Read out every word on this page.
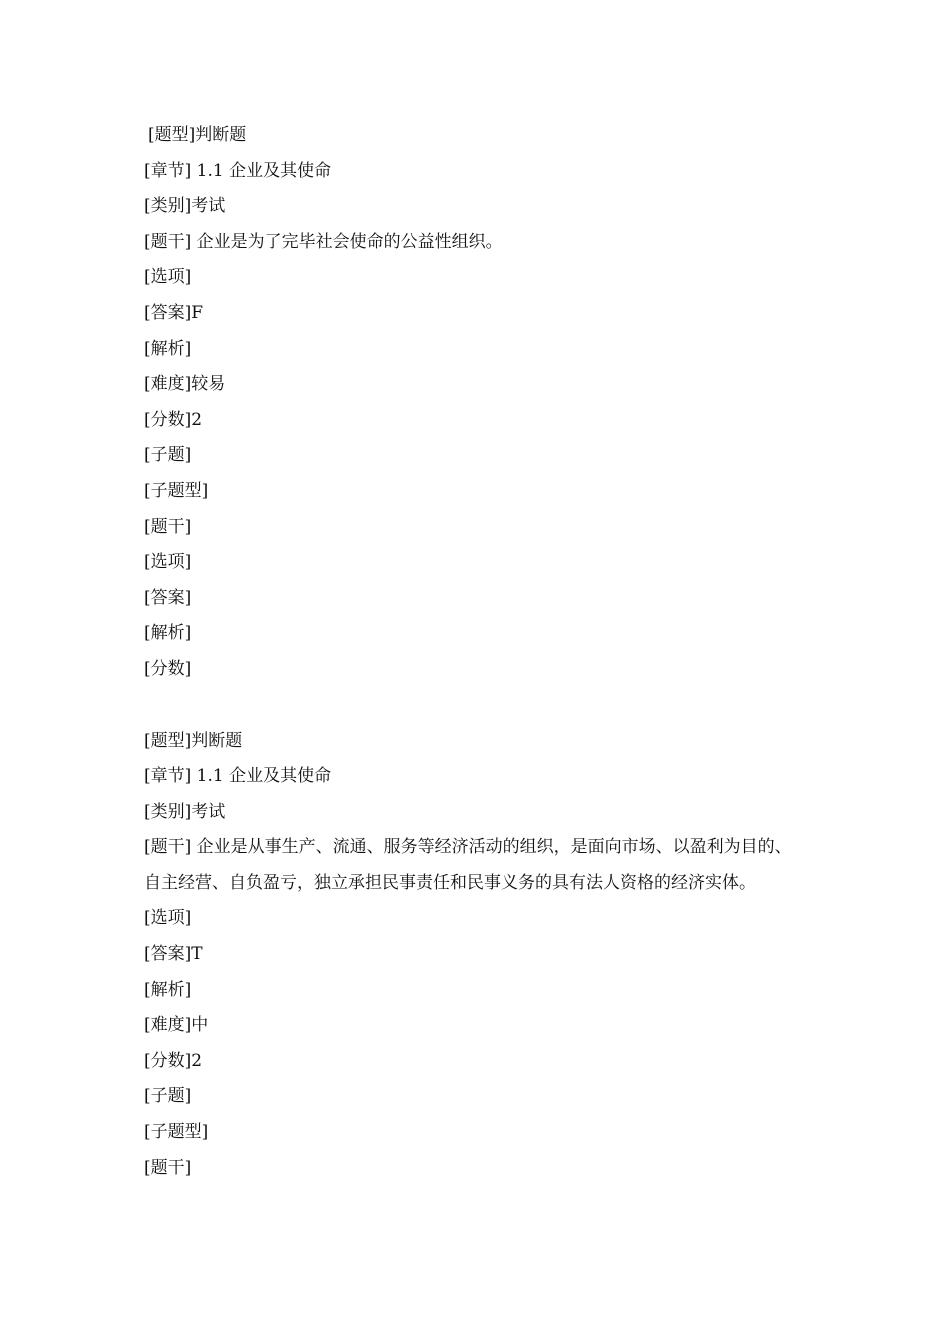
[题型]判断题
[章节] 1.1 企业及其使命
[类别]考试
[题干] 企业是为了完毕社会使命的公益性组织。
[选项]
[答案]F
[解析]
[难度]较易
[分数]2
[子题]
[子题型]
[题干]
[选项]
[答案]
[解析]
[分数]
[题型]判断题
[章节] 1.1 企业及其使命
[类别]考试
[题干] 企业是从事生产、流通、服务等经济活动的组织，是面向市场、以盈利为目的、自主经营、自负盈亏，独立承担民事责任和民事义务的具有法人资格的经济实体。
[选项]
[答案]T
[解析]
[难度]中
[分数]2
[子题]
[子题型]
[题干]
